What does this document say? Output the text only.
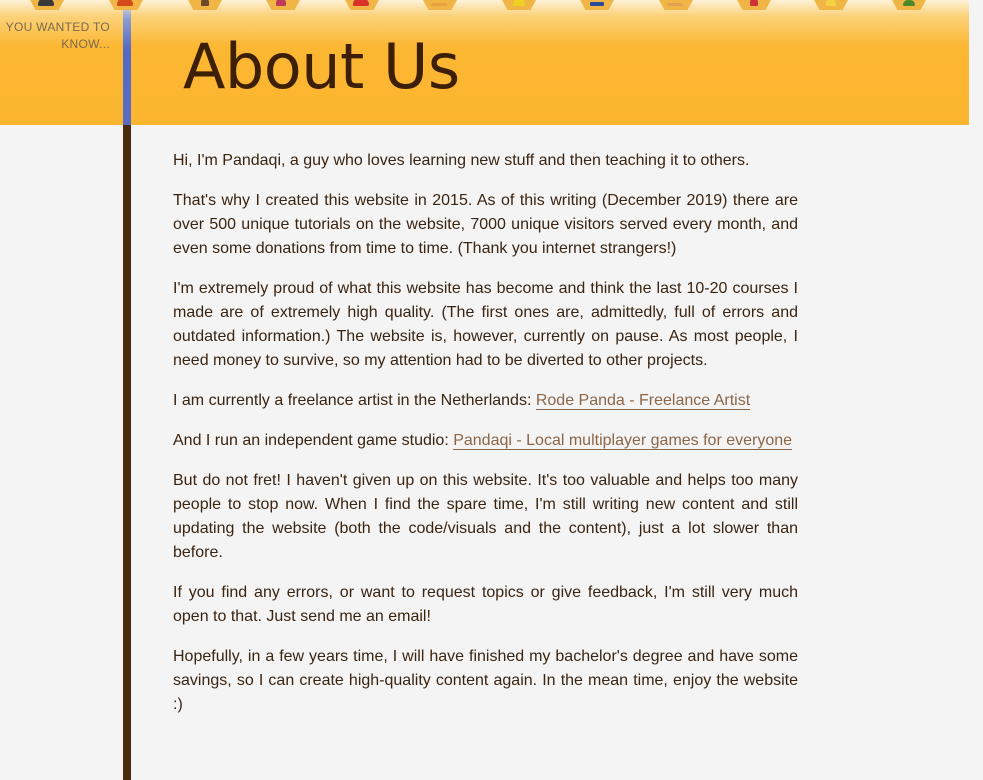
YOU WANTED TO KNOW... About Us

Hi, I'm Pandaqi, a guy who loves learning new stuff and then teaching it to others.

That's why I created this website in 2015. As of this writing (December 2019) there are over 500 unique tutorials on the website, 7000 unique visitors served every month, and even some donations from time to time. (Thank you internet strangers!)

I'm extremely proud of what this website has become and think the last 10-20 courses I made are of extremely high quality. (The first ones are, admittedly, full of errors and outdated information.) The website is, however, currently on pause. As most people, I need money to survive, so my attention had to be diverted to other projects.

I am currently a freelance artist in the Netherlands: Rode Panda - Freelance Artist

And I run an independent game studio: Pandaqi - Local multiplayer games for everyone

But do not fret! I haven't given up on this website. It's too valuable and helps too many people to stop now. When I find the spare time, I'm still writing new content and still updating the website (both the code/visuals and the content), just a lot slower than before.

If you find any errors, or want to request topics or give feedback, I'm still very much open to that. Just send me an email!

Hopefully, in a few years time, I will have finished my bachelor's degree and have some savings, so I can create high-quality content again. In the mean time, enjoy the website :)
